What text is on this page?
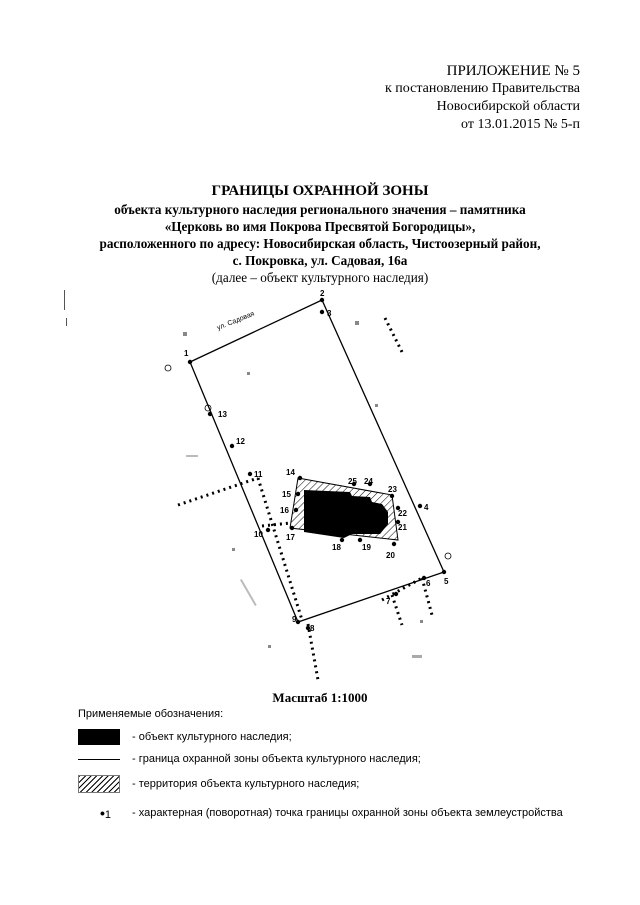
ПРИЛОЖЕНИЕ № 5
к постановлению Правительства
Новосибирской области
от 13.01.2015 № 5-п
ГРАНИЦЫ ОХРАННОЙ ЗОНЫ
объекта культурного наследия регионального значения – памятника
«Церковь во имя Покрова Пресвятой Богородицы»,
расположенного по адресу: Новосибирская область, Чистоозерный район,
с. Покровка, ул. Садовая, 16а
(далее – объект культурного наследия)
ул. Садовая
1
2
3
4
5
6
7
8
9
10
11
12
13
14
15
16
17
18	19
20
21
22
23
24
25
Масштаб 1:1000
Применяемые обозначения:
- объект культурного наследия;
- граница охранной зоны объекта культурного наследия;
- территория объекта культурного наследия;
•1	- характерная (поворотная) точка границы охранной зоны объекта землеустройства
